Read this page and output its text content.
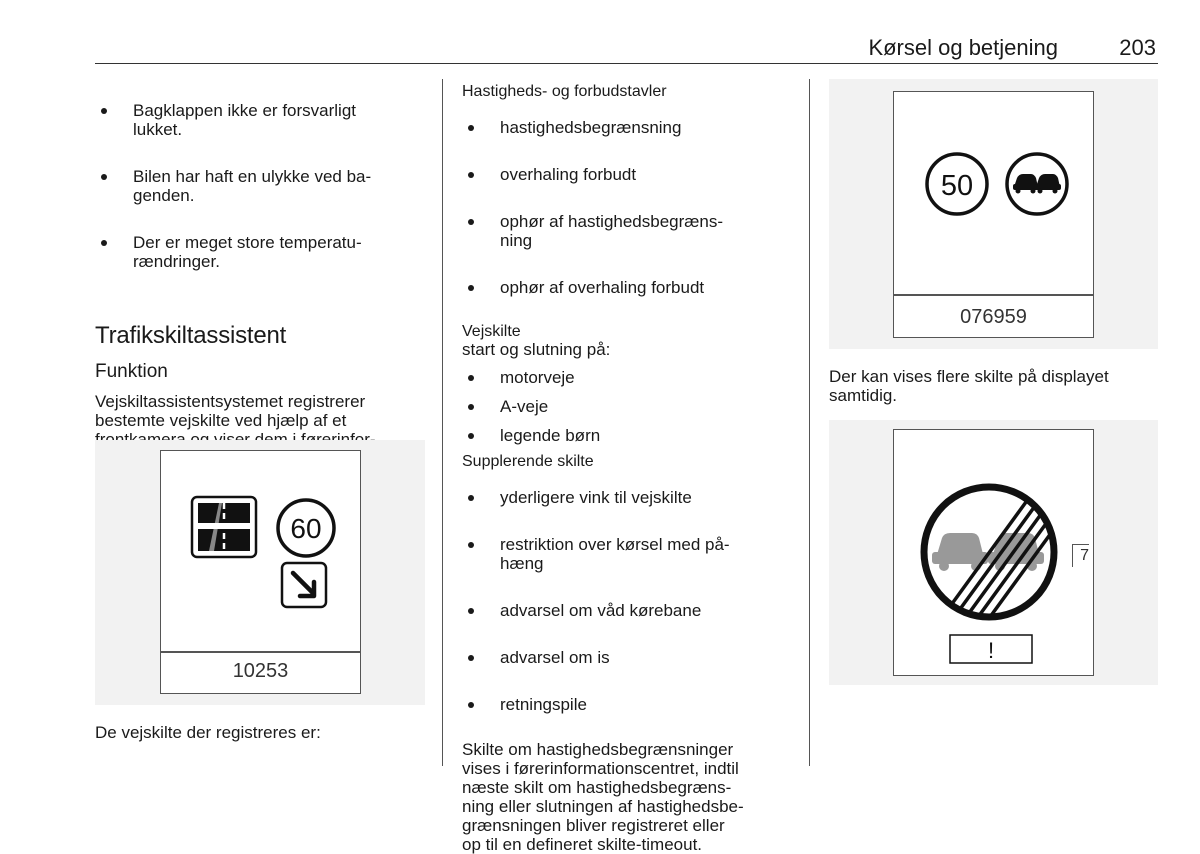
Kørsel og betjening	203

Bagklappen ikke er forsvarligt
lukket.

Bilen har haft en ulykke ved ba-
genden.

Der er meget store temperatu-
rændringer.

Trafikskiltassistent
Funktion
Vejskiltassistentsystemet registrerer
bestemte vejskilte ved hjælp af et

60
10253
De vejskilte der registreres er:
Hastigheds- og forbudstavler

hastighedsbegrænsning

overhaling forbudt

ophør af hastighedsbegræns-
ning

ophør af overhaling forbudt

Vejskilte
start og slutning på:
motorveje
A-veje
legende børn
Supplerende skilte

yderligere vink til vejskilte

restriktion over kørsel med på-
hæng

advarsel om våd kørebane

advarsel om is

retningspile

Skilte om hastighedsbegrænsninger
vises i førerinformationscentret, indtil
næste skilt om hastighedsbegræns-
ning eller slutningen af hastighedsbe-
grænsningen bliver registreret eller
op til en defineret skilte-timeout.
50
076959
Der kan vises flere skilte på displayet
samtidig.
!
7
